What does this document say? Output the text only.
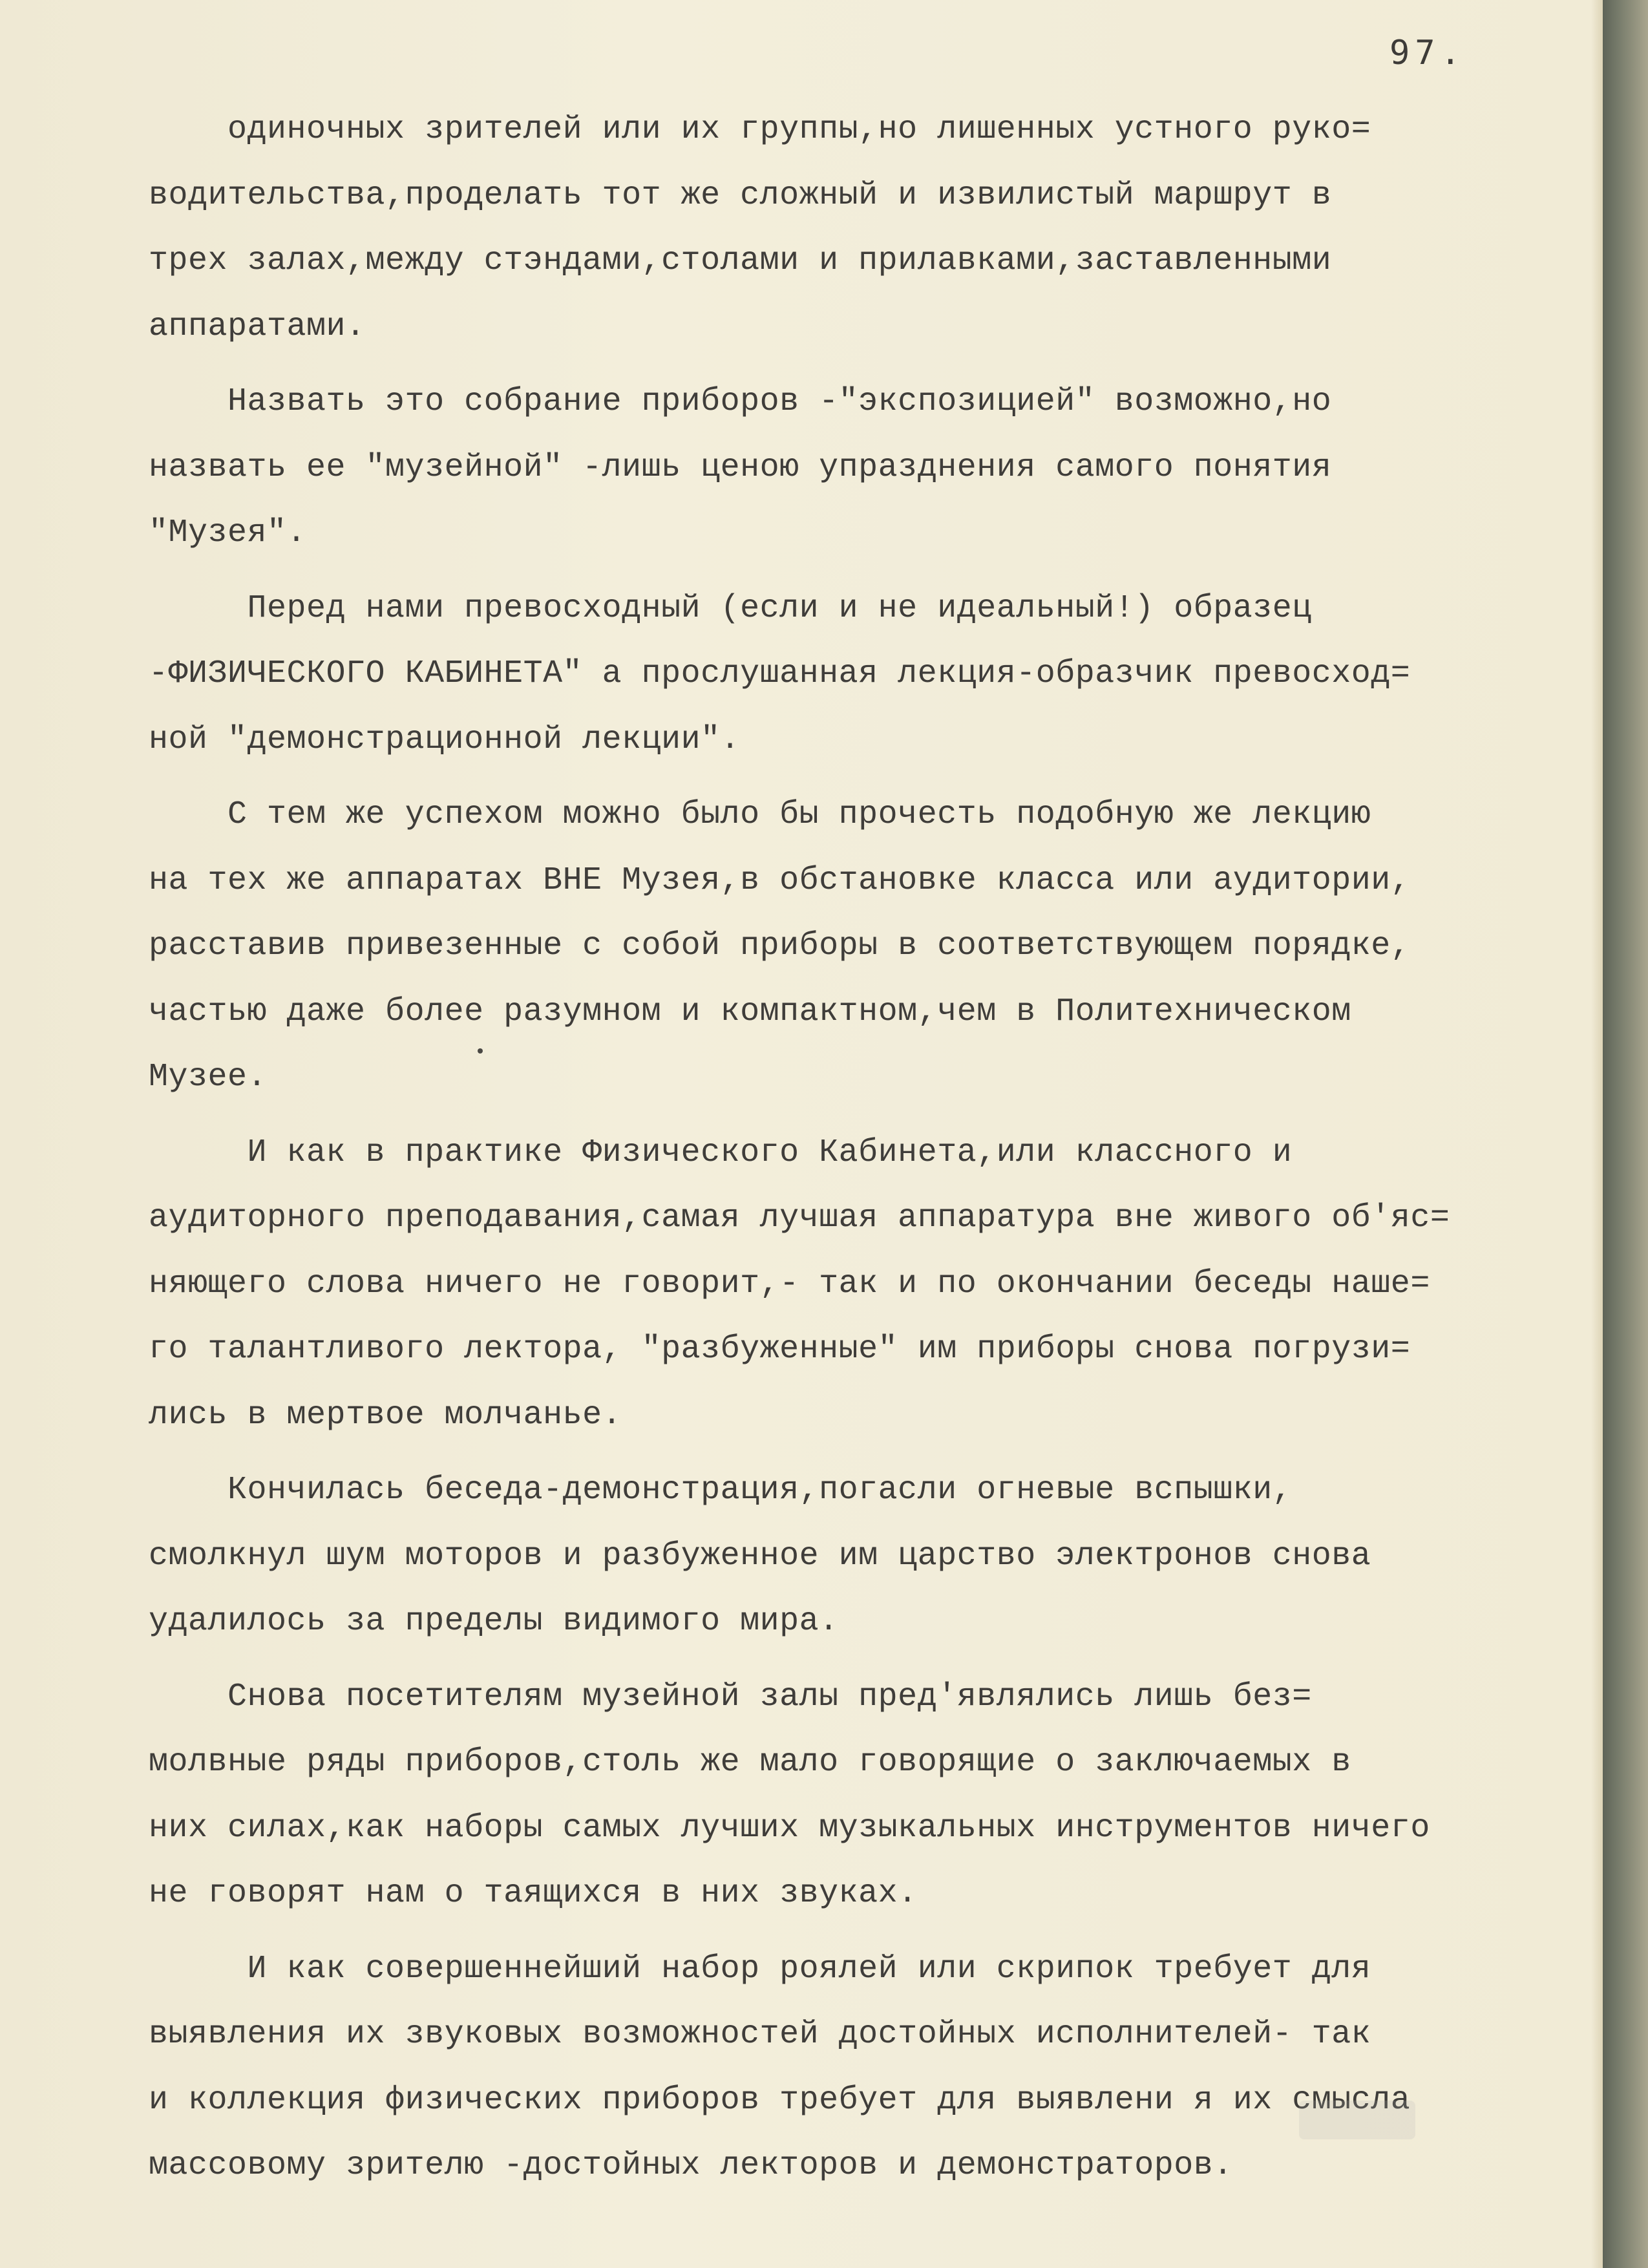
97.
одиночных зрителей или их группы,но лишенных устного руко=
водительства,проделать тот же сложный и извилистый маршрут в
трех залах,между стэндами,столами и прилавками,заставленными
аппаратами.
Назвать это собрание приборов -"экспозицией" возможно,но
назвать ее "музейной" -лишь ценою упразднения самого понятия
"Музея".
Перед нами превосходный (если и не идеальный!) образец
-ФИЗИЧЕСКОГО КАБИНЕТА" а прослушанная лекция-образчик превосход=
ной "демонстрационной лекции".
С тем же успехом можно было бы прочесть подобную же лекцию
на тех же аппаратах ВНЕ Музея,в обстановке класса или аудитории,
расставив привезенные с собой приборы в соответствующем порядке,
частью даже более разумном и компактном,чем в Политехническом
Музее.
И как в практике Физического Кабинета,или классного и
аудиторного преподавания,самая лучшая аппаратура вне живого об'яс=
няющего слова ничего не говорит,- так и по окончании беседы наше=
го талантливого лектора, "разбуженные" им приборы снова погрузи=
лись в мертвое молчанье.
Кончилась беседа-демонстрация,погасли огневые вспышки,
смолкнул шум моторов и разбуженное им царство электронов снова
удалилось за пределы видимого мира.
Снова посетителям музейной залы пред'являлись лишь без=
молвные ряды приборов,столь же мало говорящие о заключаемых в
них силах,как наборы самых лучших музыкальных инструментов ничего
не говорят нам о таящихся в них звуках.
И как совершеннейший набор роялей или скрипок требует для
выявления их звуковых возможностей достойных исполнителей- так
и коллекция физических приборов требует для выявлени я их смысла
массовому зрителю -достойных лекторов и демонстраторов.
